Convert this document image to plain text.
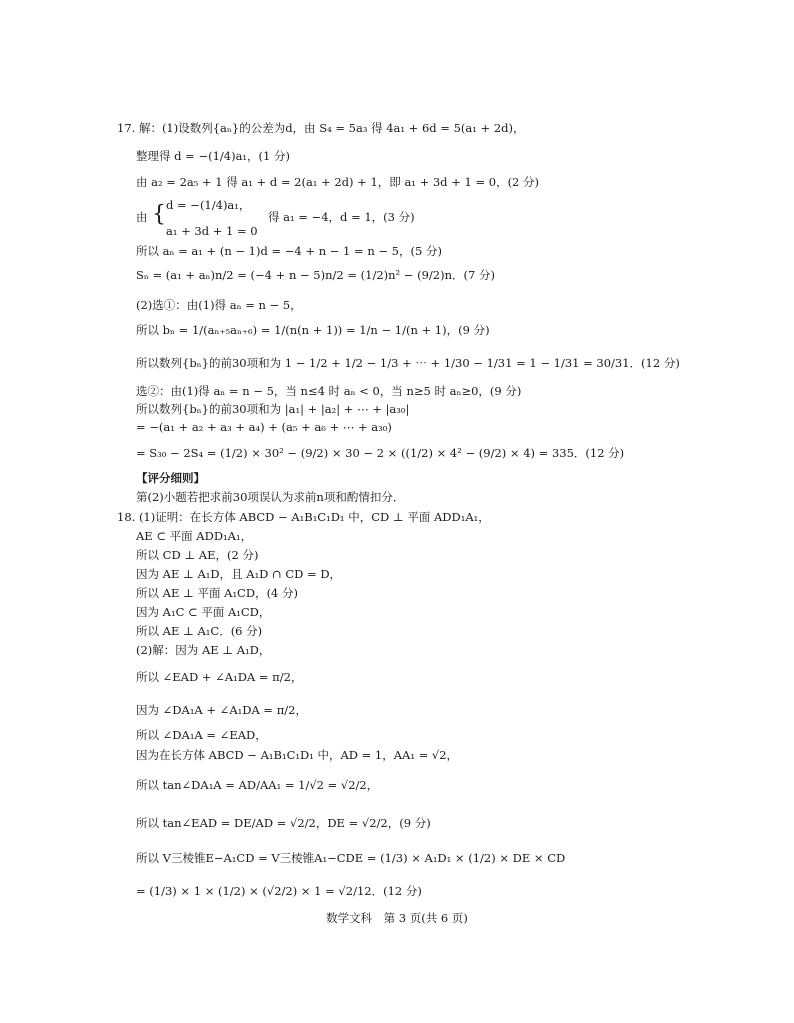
17. 解：(1)设数列{aₙ}的公差为d，由 S₄ = 5a₃ 得 4a₁ + 6d = 5(a₁ + 2d)，
整理得 d = −(1/4)a₁，(1 分)
由 a₂ = 2a₅ + 1 得 a₁ + d = 2(a₁ + 2d) + 1，即 a₁ + 3d + 1 = 0，(2 分)
由 { d = −(1/4)a₁，
a₁ + 3d + 1 = 0
得 a₁ = −4，d = 1，(3 分)
所以 aₙ = a₁ + (n − 1)d = −4 + n − 1 = n − 5，(5 分)
Sₙ = (a₁ + aₙ)n/2 = (−4 + n − 5)n/2 = (1/2)n² − (9/2)n．(7 分)
(2)选①：由(1)得 aₙ = n − 5，
所以 bₙ = 1/(aₙ₊₅aₙ₊₆) = 1/(n(n + 1)) = 1/n − 1/(n + 1)，(9 分)
所以数列{bₙ}的前30项和为 1 − 1/2 + 1/2 − 1/3 + ⋯ + 1/30 − 1/31 = 1 − 1/31 = 30/31．(12 分)
选②：由(1)得 aₙ = n − 5，当 n≤4 时 aₙ < 0，当 n≥5 时 aₙ≥0，(9 分)
所以数列{bₙ}的前30项和为 |a₁| + |a₂| + ⋯ + |a₃₀|
= −(a₁ + a₂ + a₃ + a₄) + (a₅ + a₆ + ⋯ + a₃₀)
= S₃₀ − 2S₄ = (1/2) × 30² − (9/2) × 30 − 2 × ((1/2) × 4² − (9/2) × 4) = 335．(12 分)
【评分细则】
第(2)小题若把求前30项误认为求前n项和酌情扣分．
18. (1)证明：在长方体 ABCD − A₁B₁C₁D₁ 中，CD ⊥ 平面 ADD₁A₁，
AE ⊂ 平面 ADD₁A₁，
所以 CD ⊥ AE，(2 分)
因为 AE ⊥ A₁D，且 A₁D ∩ CD = D，
所以 AE ⊥ 平面 A₁CD，(4 分)
因为 A₁C ⊂ 平面 A₁CD，
所以 AE ⊥ A₁C．(6 分)
(2)解：因为 AE ⊥ A₁D，
所以 ∠EAD + ∠A₁DA = π/2，
因为 ∠DA₁A + ∠A₁DA = π/2，
所以 ∠DA₁A = ∠EAD，
因为在长方体 ABCD − A₁B₁C₁D₁ 中，AD = 1，AA₁ = √2，
所以 tan∠DA₁A = AD/AA₁ = 1/√2 = √2/2，
所以 tan∠EAD = DE/AD = √2/2，DE = √2/2，(9 分)
所以 V三棱锥E−A₁CD = V三棱锥A₁−CDE = (1/3) × A₁D₁ × (1/2) × DE × CD
= (1/3) × 1 × (1/2) × (√2/2) × 1 = √2/12．(12 分)
数学文科　第 3 页(共 6 页)
